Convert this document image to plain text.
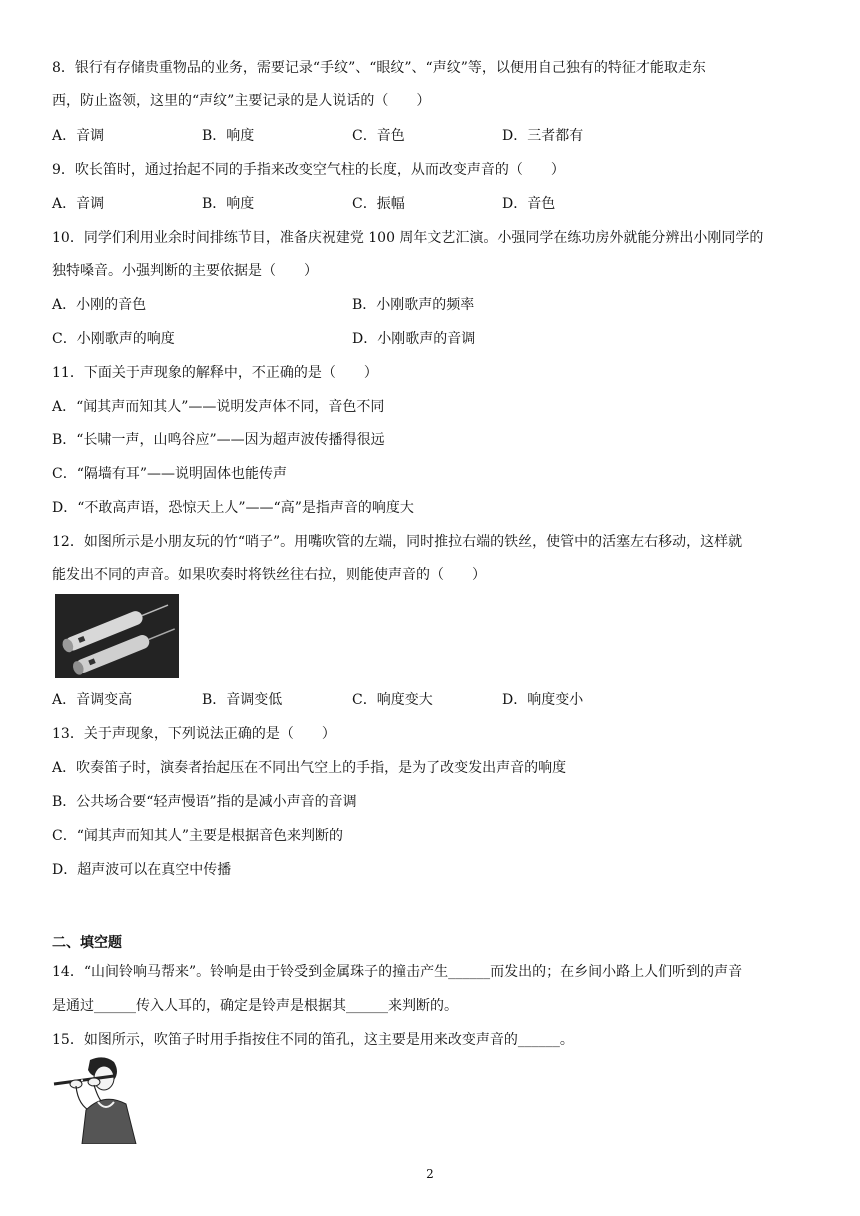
8．银行有存储贵重物品的业务，需要记录“手纹”、“眼纹”、“声纹”等，以便用自己独有的特征才能取走东
西，防止盗领，这里的“声纹”主要记录的是人说话的（　　）
A．音调	B．响度	C．音色	D．三者都有
9．吹长笛时，通过抬起不同的手指来改变空气柱的长度，从而改变声音的（　　）
A．音调	B．响度	C．振幅	D．音色
10．同学们利用业余时间排练节目，准备庆祝建党 100 周年文艺汇演。小强同学在练功房外就能分辨出小刚同学的
独特嗓音。小强判断的主要依据是（　　）
A．小刚的音色	B．小刚歌声的频率
C．小刚歌声的响度	D．小刚歌声的音调
11．下面关于声现象的解释中，不正确的是（　　）
A．“闻其声而知其人”——说明发声体不同，音色不同
B．“长啸一声，山鸣谷应”——因为超声波传播得很远
C．“隔墙有耳”——说明固体也能传声
D．“不敢高声语，恐惊天上人”——“高”是指声音的响度大
12．如图所示是小朋友玩的竹“哨子”。用嘴吹管的左端，同时推拉右端的铁丝，使管中的活塞左右移动，这样就
能发出不同的声音。如果吹奏时将铁丝往右拉，则能使声音的（　　）
A．音调变高	B．音调变低	C．响度变大	D．响度变小
13．关于声现象，下列说法正确的是（　　）
A．吹奏笛子时，演奏者抬起压在不同出气空上的手指，是为了改变发出声音的响度
B．公共场合要“轻声慢语”指的是减小声音的音调
C．“闻其声而知其人”主要是根据音色来判断的
D．超声波可以在真空中传播
二、填空题
14．“山间铃响马帮来”。铃响是由于铃受到金属珠子的撞击产生______而发出的；在乡间小路上人们听到的声音
是通过______传入人耳的，确定是铃声是根据其______来判断的。
15．如图所示，吹笛子时用手指按住不同的笛孔，这主要是用来改变声音的______。
2
